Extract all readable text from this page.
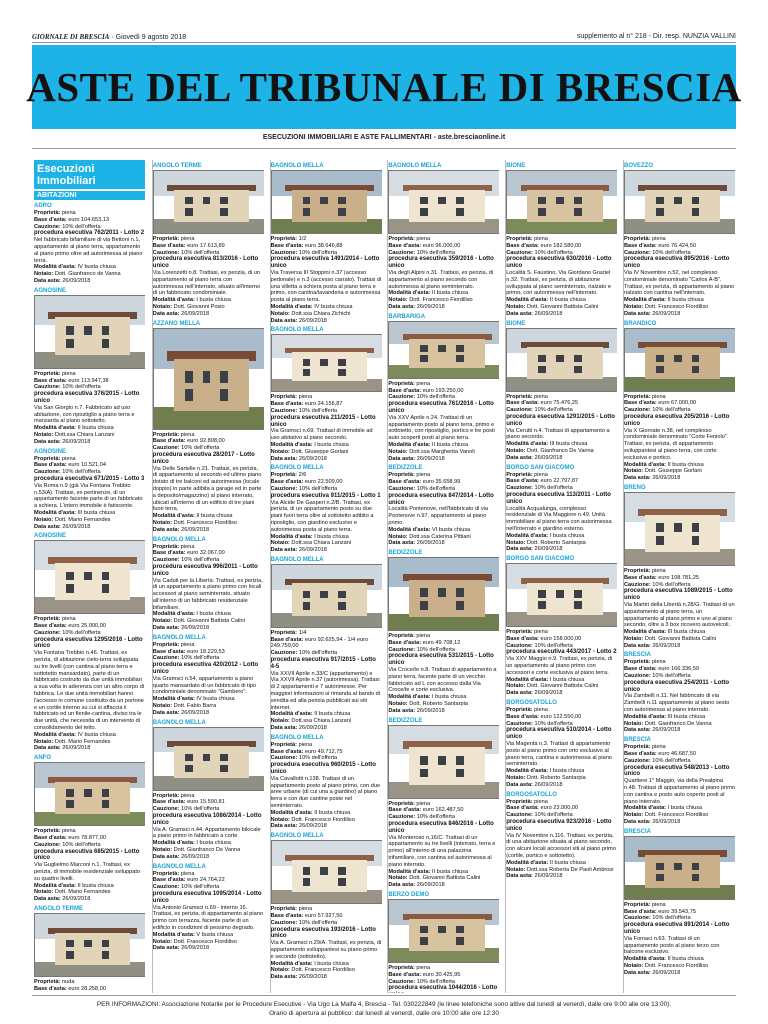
GIORNALE DI BRESCIA · Giovedì 9 agosto 2018	supplemento al n° 218 - Dir. resp. NUNZIA VALLINI
ASTE DEL TRIBUNALE DI BRESCIA
ESECUZIONI IMMOBILIARI E ASTE FALLIMENTARI - aste.bresciaonline.it
Esecuzioni Immobiliari
ABITAZIONI
ADRO
Proprietà: piena
Base d'asta: euro 104.653,13
Cauzione: 10% dell'offerta
procedura esecutiva 762/2011 - Lotto 2
Nel fabbricato bifamiliare di via Bettoni n.1, appartamento al piano terra, appartamento al piano primo oltre ad autorimessa al piano terra.
Modalità d'asta: IV busta chiusa
Notaio: Dott. Gianfranco de Vanna
Data asta: 26/09/2018
AGNOSINE
Proprietà: piena
Base d'asta: euro 113.947,38
Cauzione: 10% dell'offerta
procedura esecutiva 376/2015 - Lotto unico
Via San Giorgio n.7. Fabbricato ad uso abitazione, con ripostiglio a piano terra e mansarda al piano sottotetto.
Modalità d'asta: II busta chiusa
Notaio: Dott.ssa Chiara Lanzani
Data asta: 26/09/2018
AGNOSINE
Proprietà: piena
Base d'asta: euro 10.521,04
Cauzione: 10% dell'offerta
procedura esecutiva 671/2015 - Lotto 3
Via Roma n.9 (già Via Fontana Trebbio n.53/A). Trattasi, ex pertinenze, di un appartamento facente parte di un fabbricato a schiera. L'intero immobile è fatiscente.
Modalità d'asta: III busta chiusa
Notaio: Dott. Mario Fernandes
Data asta: 26/09/2018
AGNOSINE
Proprietà: piena
Base d'asta: euro 25.000,00
Cauzione: 10% dell'offerta
procedura esecutiva 1295/2016 - Lotto unico
Via Fontana Trebbio n.46. Trattasi, ex perizia, di abitazione cielo-terra sviluppata su tre livelli (con cantina al piano terra e sottotetto mansardato), parte di un fabbricato costruito da due unità immobiliari a sua volta in aderenza con un altro corpo di fabbrica. Le due unità immobiliari hanno l'accesso in comune costituito da un portone e un cortile interno su cui si affaccia il fabbricato ed un fienile-cantina, diviso tra le due unità, che necessita di un intervento di consolidamento del tetto.
Modalità d'asta: IV busta chiusa
Notaio: Dott. Mario Fernandes
Data asta: 26/09/2018
ANFO
Proprietà: piena
Base d'asta: euro 78.877,00
Cauzione: 10% dell'offerta
procedura esecutiva 685/2015 - Lotto unico
Via Guglielmo Marconi n.1. Trattasi, ex perizia, di immobile residenziale sviluppato su quattro livelli.
Modalità d'asta: II busta chiusa
Notaio: Dott. Mario Fernandes
Data asta: 26/09/2018
ANGOLO TERME
Proprietà: nuda
Base d'asta: euro 28.258,00
ANGOLO TERME
Proprietà: piena
Base d'asta: euro 17.613,89
Cauzione: 10% dell'offerta
procedura esecutiva 813/2016 - Lotto unico
Via Lorenzetti n.8. Trattasi, ex perizia, di un appartamento al piano terra con autorimessa nell'interrato, situato all'interno di un fabbricato condominiale.
Modalità d'asta: I busta chiusa
Notaio: Dott. Giovanni Posio
Data asta: 26/09/2018
AZZANO MELLA
Proprietà: piena
Base d'asta: euro 92.808,00
Cauzione: 10% dell'offerta
procedura esecutiva 28/2017 - Lotto unico
Via Delle Sartelle n.21. Trattasi, ex perizia, di appartamento al secondo ed ultimo piano dotato di tre balconi ed autorimessa (locale doppio) in parte adibita a garage ed in parte a deposito/magazzino) al piano interrato, ubicati all'interno di un edificio di tre piani fuori terra.
Modalità d'asta: II busta chiusa
Notaio: Dott. Francesco Fiordiliso
Data asta: 26/09/2018
BAGNOLO MELLA
Proprietà: piena
Base d'asta: euro 32.067,00
Cauzione: 10% dell'offerta
procedura esecutiva 996/2011 - Lotto unico
Via Caduti per la Libertà. Trattasi, ex perizia, di un appartamento a piano primo con locali accessori al piano seminterrato, situato all'interno di un fabbricato residenziale bifamiliare.
Modalità d'asta: I busta chiusa
Notaio: Dott. Giovanni Battista Calini
Data asta: 26/09/2018
BAGNOLO MELLA
Proprietà: piena
Base d'asta: euro 18.229,53
Cauzione: 10% dell'offerta
procedura esecutiva 420/2012 - Lotto unico
Via Gramsci n.54, appartamento a piano quarto mansardato di un fabbricato di tipo condominiale denominato "Gambero".
Modalità d'asta: IV busta chiusa
Notaio: Dott. Fabio Barra
Data asta: 26/09/2018
BAGNOLO MELLA
Proprietà: piena
Base d'asta: euro 15.590,81
Cauzione: 10% dell'offerta
procedura esecutiva 1086/2014 - Lotto unico
Via A. Gramsci n.44. Appartamento bilocale a piano primo in fabbricato a corte.
Modalità d'asta: I busta chiusa
Notaio: Dott. Gianfranco De Vanna
Data asta: 26/09/2018
BAGNOLO MELLA
Proprietà: piena
Base d'asta: euro 24.764,22
Cauzione: 10% dell'offerta
procedura esecutiva 1095/2014 - Lotto unico
Via Antonio Gramsci n.69 - interno 16. Trattasi, ex perizia, di appartamento al piano primo con terrazza, facente parte di un edificio in condizioni di pessimo degrado.
Modalità d'asta: V busta chiusa
Notaio: Dott. Francesco Fiordiliso
Data asta: 26/09/2018
BAGNOLO MELLA
Proprietà: 1/2
Base d'asta: euro 38.646,88
Cauzione: 10% dell'offerta
procedura esecutiva 1491/2014 - Lotto unico
Via Traversa III Stoppini n.37 (accesso pedonale) e n.3 (accesso carraio). Trattasi di una villetta a schiera posta al piano terra e primo, con cantina/lavanderia e autorimessa posta al piano terra.
Modalità d'asta: IV busta chiusa
Notaio: Dott.ssa Chiara Zichichi
Data asta: 26/09/2018
BAGNOLO MELLA
Proprietà: piena
Base d'asta: euro 24.156,87
Cauzione: 10% dell'offerta
procedura esecutiva 211/2015 - Lotto unico
Via Gramsci n.69. Trattasi di immobile ad uso abitativo al piano secondo.
Modalità d'asta: I busta chiusa
Notaio: Dott. Giuseppe Gorlani
Data asta: 26/09/2018
BAGNOLO MELLA
Proprietà: 2/6
Base d'asta: euro 22.509,00
Cauzione: 10% dell'offerta
procedura esecutiva 911/2015 - Lotto 1
Via Alcide De Gasperi n.2/B. Trattasi, ex perizia, di un appartamento posto su due piani fuori terra oltre al sottotetto adibito a ripostiglio, con giardino esclusivo e autorimessa posta al piano terra.
Modalità d'asta: I busta chiusa
Notaio: Dott.ssa Chiara Lanzani
Data asta: 26/09/2018
BAGNOLO MELLA
Proprietà: 1/4
Base d'asta: euro 92.625,94 - 1/4 euro 249.759,00
Cauzione: 10% dell'offerta
procedura esecutiva 917/2015 - Lotto 4-5
Via XXVII Aprile n.33/C (appartamento) e Via XXVII Aprile n.37 (autorimessa). Trattasi di 2 appartamenti e 7 autorimesse. Per maggiori informazioni si rimanda al bando di vendita ed alla perizia pubblicati sui siti internet.
Modalità d'asta: II busta chiusa
Notaio: Dott.ssa Chiara Lanzani
Data asta: 26/09/2018
BAGNOLO MELLA
Proprietà: piena
Base d'asta: euro 49.712,75
Cauzione: 10% dell'offerta
procedura esecutiva 960/2015 - Lotto unico
Via Cavallotti n.138. Trattasi di un appartamento posto al piano primo, con due aree urbane (di cui una a giardino) al piano terra e con due cantine poste nel seminterrato.
Modalità d'asta: II busta chiusa
Notaio: Dott. Francesco Fiordiliso
Data asta: 26/09/2018
BAGNOLO MELLA
Proprietà: piena
Base d'asta: euro 57.927,50
Cauzione: 10% dell'offerta
procedura esecutiva 193/2016 - Lotto unico
Via A. Gramsci n.29/A. Trattasi, ex perizia, di appartamento sviluppantesi su piano primo e secondo (sottotetto).
Modalità d'asta: I busta chiusa
Notaio: Dott. Francesco Fiordiliso
Data asta: 26/09/2018
BAGNOLO MELLA
Proprietà: piena
Base d'asta: euro 96.000,00
Cauzione: 10% dell'offerta
procedura esecutiva 359/2016 - Lotto unico
Via degli Alpini n.31. Trattasi, ex perizia, di appartamento al piano secondo con autorimessa al piano seminterrato.
Modalità d'asta: II busta chiusa
Notaio: Dott. Francesco Fiordiliso
Data asta: 26/09/2018
BARBARIGA
Proprietà: piena
Base d'asta: euro 193.250,00
Cauzione: 10% dell'offerta
procedura esecutiva 761/2016 - Lotto unico
Via XXV Aprile n.24. Trattasi di un appartamento posto al piano terra, primo e sottotetto, con ripostiglio, portico e tre posti auto scoperti posti al piano terra.
Modalità d'asta: II busta chiusa
Notaio: Dott.ssa Margherita Vanoli
Data asta: 26/09/2018
BEDIZZOLE
Proprietà: piena
Base d'asta: euro 35.658,99
Cauzione: 10% dell'offerta
procedura esecutiva 847/2014 - Lotto unico
Località Pontenove, nell'fabbricato di via Pontenove n.97, appartamento al piano primo.
Modalità d'asta: VI busta chiusa
Notaio: Dott.ssa Caterina Pittiani
Data asta: 26/09/2018
BEDIZZOLE
Proprietà: piena
Base d'asta: euro 49.708,12
Cauzione: 10% dell'offerta
procedura esecutiva 531/2015 - Lotto unico
Via Croce/te n.8. Trattasi di appartamento a piano terra, facente parte di un vecchio fabbricato ad L con accesso dalla Via Croce/te e corte esclusiva.
Modalità d'asta: I busta chiusa
Notaio: Dott. Roberto Santarpia
Data asta: 26/09/2018
BEDIZZOLE
Proprietà: piena
Base d'asta: euro 162.487,50
Cauzione: 10% dell'offerta
procedura esecutiva 846/2016 - Lotto unico
Via Monteroso n.16/C. Trattasi di un appartamento su tre livelli (interrato, terra e primo) all'interno di una palazzina trifamiliare, con cantina ed autorimessa al piano interrato.
Modalità d'asta: II busta chiusa
Notaio: Dott. Giovanni Battista Calini
Data asta: 26/09/2018
BERZO DEMO
Proprietà: piena
Base d'asta: euro 30.425,95
Cauzione: 10% dell'offerta
procedura esecutiva 1044/2016 - Lotto
BIONE
Proprietà: piena
Base d'asta: euro 182.580,00
Cauzione: 10% dell'offerta
procedura esecutiva 630/2016 - Lotto unico
Località S. Faustino, Via Giordano Graziel n.32. Trattasi, ex perizia, di abitazione sviluppata al piano seminterrato, rialzato e primo, con autorimessa nell'interrato.
Modalità d'asta: II busta chiusa
Notaio: Dott. Giovanni Battista Calini
Data asta: 26/09/2018
BIONE
Proprietà: piena
Base d'asta: euro 75.476,25
Cauzione: 10% dell'offerta
procedura esecutiva 1291/2015 - Lotto unico
Via Cerutti n.4. Trattasi di appartamento a piano secondo.
Modalità d'asta: III busta chiusa
Notaio: Dott. Gianfranco De Vanna
Data asta: 26/09/2018
BORGO SAN GIACOMO
Proprietà: piena
Base d'asta: euro 22.797,87
Cauzione: 10% dell'offerta
procedura esecutiva 113/2011 - Lotto unico
Località Acqualunga, complesso residenziale di Via Maggiore n.49. Unità immobiliare al piano terra con autorimessa nell'interrato e giardino esterno.
Modalità d'asta: I busta chiusa
Notaio: Dott. Roberto Santarpia
Data asta: 26/09/2018
BORGO SAN GIACOMO
Proprietà: piena
Base d'asta: euro 158.000,00
Cauzione: 10% dell'offerta
procedura esecutiva 443/2017 - Lotto 2
Via XXV Maggio n.9. Trattasi, ex perizia, di un appartamento al piano primo con accessori e corte esclusiva al piano terra.
Modalità d'asta: I busta chiusa
Notaio: Dott. Giovanni Battista Calini
Data asta: 26/09/2018
BORGOSATOLLO
Proprietà: piena
Base d'asta: euro 122.550,00
Cauzione: 10% dell'offerta
procedura esecutiva 510/2014 - Lotto unico
Via Magenta n.3. Trattasi di appartamento posto al piano primo con orto esclusivo al piano terra, cantina e autorimessa al piano seminterrato.
Modalità d'asta: I busta chiusa
Notaio: Dott. Roberto Santarpia
Data asta: 26/09/2018
BORGOSATOLLO
Proprietà: piena
Base d'asta: euro 23.000,00
Cauzione: 10% dell'offerta
procedura esecutiva 923/2016 - Lotto unico
Via IV Novembre n.116. Trattasi, ex perizia, di una abitazione situata al piano secondo, con alcuni locali accessori siti al piano primo (cortile, portico e sottotetto).
Modalità d'asta: II busta chiusa
Notaio: Dott.ssa Roberta De Paoli Ambrosi
Data asta: 26/09/2018
BOVEZZO
Proprietà: piena
Base d'asta: euro 76.424,50
Cauzione: 10% dell'offerta
procedura esecutiva 895/2016 - Lotto unico
Via IV Novembre n.52, nel complesso condominiale denominato "Carlos A-B". Trattasi, ex perizia, di appartamento al piano rialzato con cantina nell'interrato.
Modalità d'asta: II busta chiusa
Notaio: Dott. Francesco Fiordiliso
Data asta: 26/09/2018
BRANDICO
Proprietà: piena
Base d'asta: euro 67.000,00
Cauzione: 10% dell'offerta
procedura esecutiva 205/2016 - Lotto unico
Via X Giornate n.38, nel complesso condominiale denominato "Corte Feniolo". Trattasi, ex perizia, di appartamento sviluppantesi al piano terra, con corte esclusiva e portico.
Modalità d'asta: II busta chiusa
Notaio: Dott. Giuseppe Gorlani
Data asta: 26/09/2018
BRENO
Proprietà: piena
Base d'asta: euro 108.781,25
Cauzione: 10% dell'offerta
procedura esecutiva 1089/2015 - Lotto unico
Via Martiri della Libertà n.28/G. Trattasi di un appartamento al piano terra, un appartamento al piano primo e uno al piano secondo, oltre a 3 box ricovero autoveicoli.
Modalità d'asta: III busta chiusa
Notaio: Dott. Giovanni Battista Calini
Data asta: 26/09/2018
BRESCIA
Proprietà: piena
Base d'asta: euro 166.336,59
Cauzione: 10% dell'offerta
procedura esecutiva 254/2011 - Lotto unico
Via Zambelli n.11. Nel fabbricato di via Zambelli n.11 appartamento al piano sesto con autorimessa al piano interrato.
Modalità d'asta: III busta chiusa
Notaio: Dott. Gianfranco De Vanna
Data asta: 26/09/2018
BRESCIA
Proprietà: piena
Base d'asta: euro 46.687,50
Cauzione: 10% dell'offerta
procedura esecutiva 548/2013 - Lotto unico
Quartiere 1° Maggio, via della Prealpina n.48. Trattasi di appartamento al piano primo con cantina e posto auto coperto posti al piano interrato.
Modalità d'asta: I busta chiusa
Notaio: Dott. Francesco Fiordiliso
Data asta: 26/09/2018
BRESCIA
Proprietà: piena
Base d'asta: euro 39.543,75
Cauzione: 10% dell'offerta
procedura esecutiva 891/2014 - Lotto unico
Via Fornaci n.63. Trattasi di un appartamento posto al piano terzo con balcone esclusivo.
Modalità d'asta: II busta chiusa
Notaio: Dott. Francesco Fiordiliso
Data asta: 26/09/2018
PER INFORMAZIONI: Associazione Notarile per le Procedure Esecutive - Via Ugo La Malfa 4, Brescia - Tel. 030222849 (le linee telefoniche sono attive dal lunedì al venerdì, dalle ore 9:00 alle ore 13:00).
Orario di apertura al pubblico: dal lunedì al venerdì, dalle ore 10:00 alle ore 12:30
